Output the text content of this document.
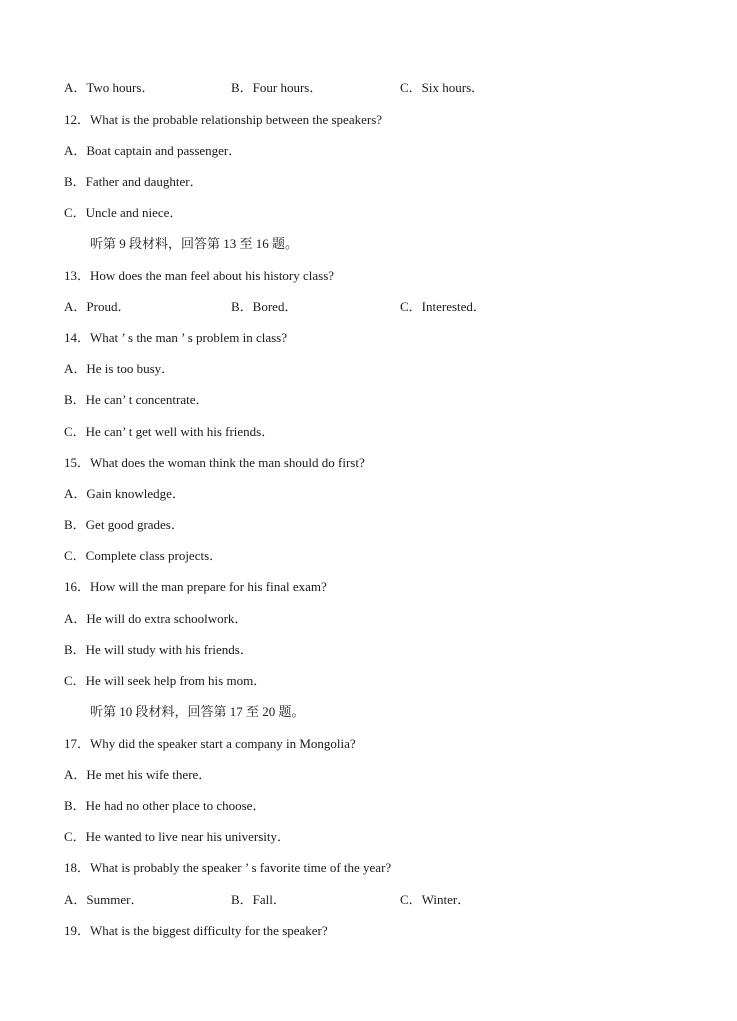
A．Two hours．	B．Four hours．	C．Six hours．
12．What is the probable relationship between the speakers?
A．Boat captain and passenger．
B．Father and daughter．
C．Uncle and niece．
听第 9 段材料，回答第 13 至 16 题。
13．How does the man feel about his history class?
A．Proud．	B．Bored．	C．Interested．
14．What ’ s the man ’ s problem in class?
A．He is too busy．
B．He can’ t concentrate．
C．He can’ t get well with his friends．
15．What does the woman think the man should do first?
A．Gain knowledge．
B．Get good grades．
C．Complete class projects．
16．How will the man prepare for his final exam?
A．He will do extra schoolwork．
B．He will study with his friends．
C．He will seek help from his mom．
听第 10 段材料，回答第 17 至 20 题。
17．Why did the speaker start a company in Mongolia?
A．He met his wife there．
B．He had no other place to choose．
C．He wanted to live near his university．
18．What is probably the speaker ’ s favorite time of the year?
A．Summer．	B．Fall．	C．Winter．
19．What is the biggest difficulty for the speaker?
